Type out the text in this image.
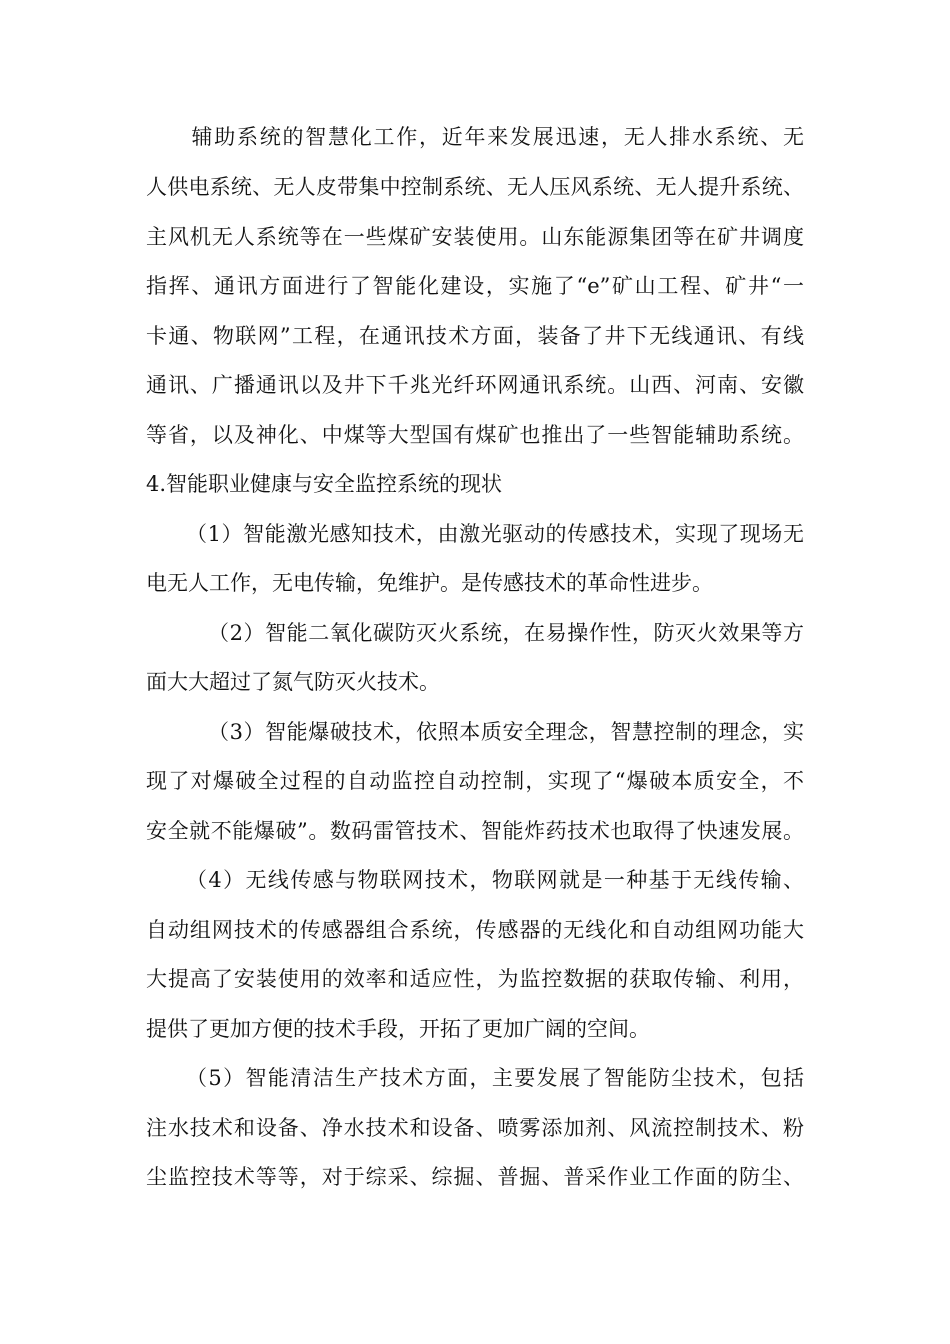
　　辅助系统的智慧化工作，近年来发展迅速，无人排水系统、无
人供电系统、无人皮带集中控制系统、无人压风系统、无人提升系统、
主风机无人系统等在一些煤矿安装使用。山东能源集团等在矿井调度
指挥、通讯方面进行了智能化建设，实施了“e”矿山工程、矿井“一
卡通、物联网”工程，在通讯技术方面，装备了井下无线通讯、有线
通讯、广播通讯以及井下千兆光纤环网通讯系统。山西、河南、安徽
等省，以及神化、中煤等大型国有煤矿也推出了一些智能辅助系统。
4.智能职业健康与安全监控系统的现状
（1）智能激光感知技术，由激光驱动的传感技术，实现了现场无
电无人工作，无电传输，免维护。是传感技术的革命性进步。
（2）智能二氧化碳防灭火系统，在易操作性，防灭火效果等方
面大大超过了氮气防灭火技术。
（3）智能爆破技术，依照本质安全理念，智慧控制的理念，实
现了对爆破全过程的自动监控自动控制，实现了“爆破本质安全，不
安全就不能爆破”。数码雷管技术、智能炸药技术也取得了快速发展。
（4）无线传感与物联网技术，物联网就是一种基于无线传输、
自动组网技术的传感器组合系统，传感器的无线化和自动组网功能大
大提高了安装使用的效率和适应性，为监控数据的获取传输、利用，
提供了更加方便的技术手段，开拓了更加广阔的空间。
（5）智能清洁生产技术方面，主要发展了智能防尘技术，包括
注水技术和设备、净水技术和设备、喷雾添加剂、风流控制技术、粉
尘监控技术等等，对于综采、综掘、普掘、普采作业工作面的防尘、
